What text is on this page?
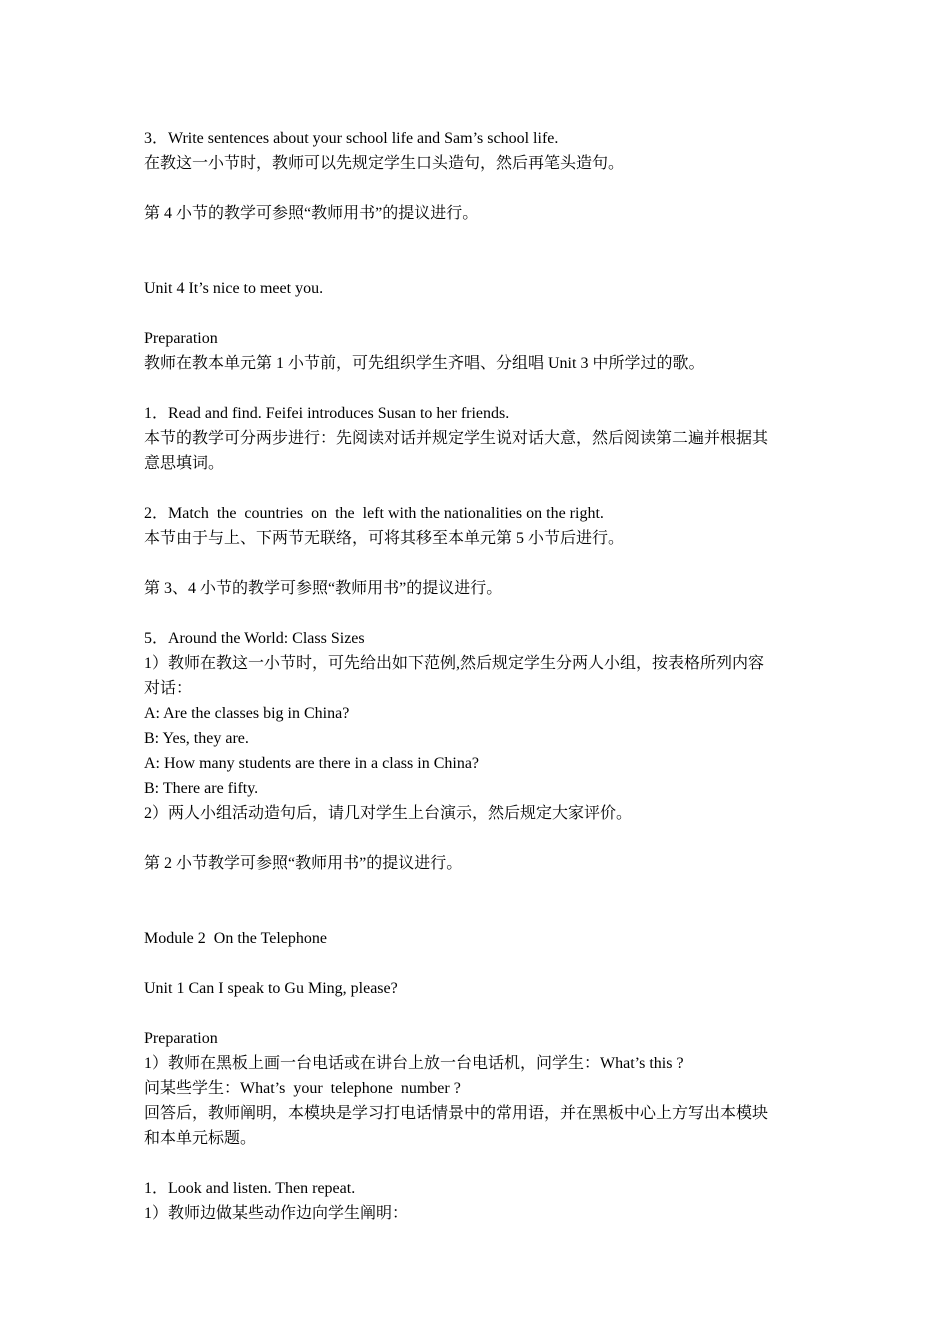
3．Write sentences about your school life and Sam’s school life.

在教这一小节时，教师可以先规定学生口头造句，然后再笔头造句。

第 4 小节的教学可参照“教师用书”的提议进行。

Unit 4 It’s nice to meet you.

Preparation

教师在教本单元第 1 小节前，可先组织学生齐唱、分组唱 Unit 3 中所学过的歌。

1．Read and find. Feifei introduces Susan to her friends.

本节的教学可分两步进行：先阅读对话并规定学生说对话大意，然后阅读第二遍并根据其

意思填词。

2．Match  the  countries  on  the  left with the nationalities on the right.

本节由于与上、下两节无联络，可将其移至本单元第 5 小节后进行。

第 3、4 小节的教学可参照“教师用书”的提议进行。

5．Around the World: Class Sizes

1）教师在教这一小节时，可先给出如下范例,然后规定学生分两人小组，按表格所列内容

对话：

A: Are the classes big in China?

B: Yes, they are.

A: How many students are there in a class in China?

B: There are fifty.

2）两人小组活动造句后，请几对学生上台演示，然后规定大家评价。

第 2 小节教学可参照“教师用书”的提议进行。

Module 2  On the Telephone

Unit 1 Can I speak to Gu Ming, please?

Preparation

1）教师在黑板上画一台电话或在讲台上放一台电话机，问学生：What’s this ?

问某些学生：What’s  your  telephone  number ?

回答后，教师阐明，本模块是学习打电话情景中的常用语，并在黑板中心上方写出本模块

和本单元标题。

1．Look and listen. Then repeat.

1）教师边做某些动作边向学生阐明：
